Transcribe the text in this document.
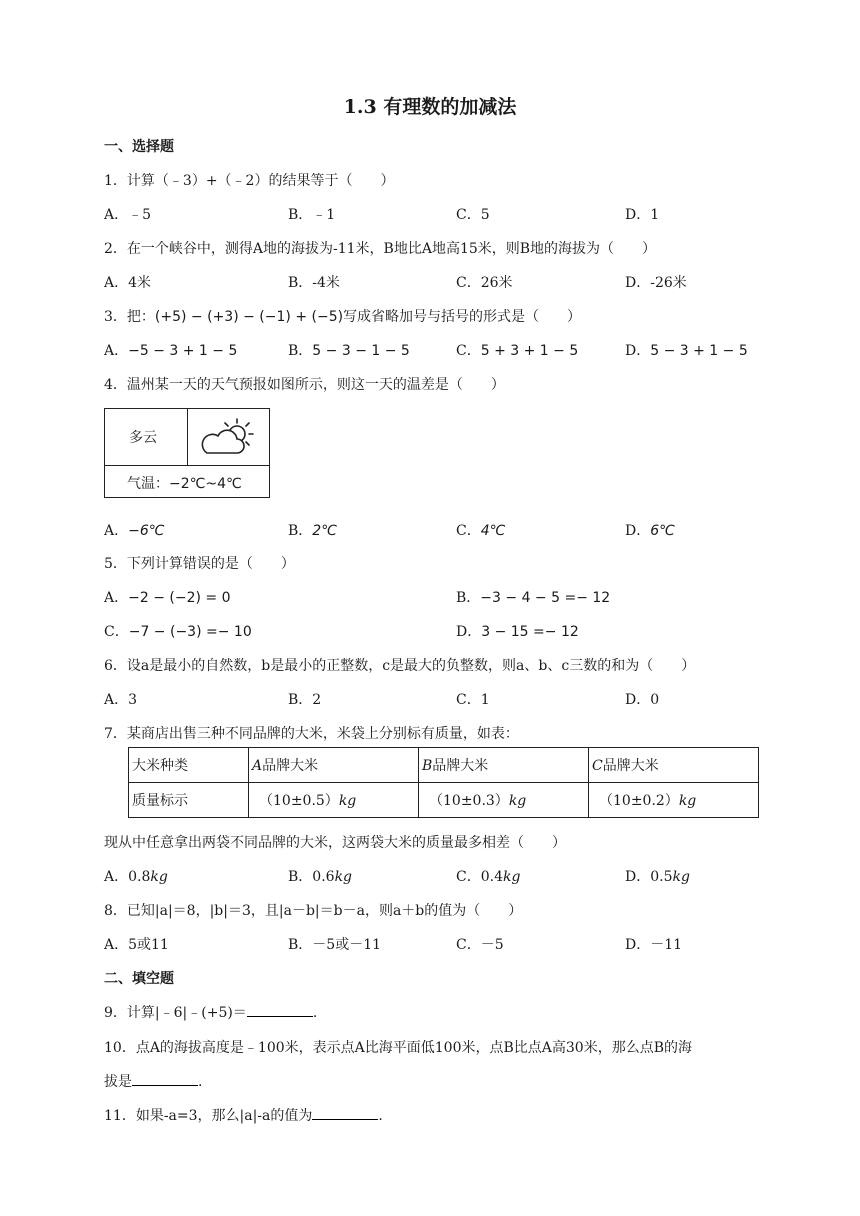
1.3 有理数的加减法
一、选择题
1．计算（﹣3）+（﹣2）的结果等于（　　）
A．﹣5	B．﹣1	C．5	D．1
2．在一个峡谷中，测得A地的海拔为-11米，B地比A地高15米，则B地的海拔为（　　）
A．4米	B．-4米	C．26米	D．-26米
3．把：(+5) − (+3) − (−1) + (−5)写成省略加号与括号的形式是（　　）
A．−5 − 3 + 1 − 5	B．5 − 3 − 1 − 5	C．5 + 3 + 1 − 5	D．5 − 3 + 1 − 5
4．温州某一天的天气预报如图所示，则这一天的温差是（　　）
多云
气温：−2℃~4℃
A．−6℃	B．2℃	C．4℃	D．6℃
5．下列计算错误的是（　　）
A．−2 − (−2) = 0	B．−3 − 4 − 5 =− 12
C．−7 − (−3) =− 10	D．3 − 15 =− 12
6．设a是最小的自然数，b是最小的正整数，c是最大的负整数，则a、b、c三数的和为（　　）
A．3	B．2	C．1	D．0
7．某商店出售三种不同品牌的大米，米袋上分别标有质量，如表：
大米种类	A品牌大米	B品牌大米	C品牌大米
质量标示	（10±0.5）kg	（10±0.3）kg	（10±0.2）kg
现从中任意拿出两袋不同品牌的大米，这两袋大米的质量最多相差（　　）
A．0.8kg	B．0.6kg	C．0.4kg	D．0.5kg
8．已知|a|＝8，|b|＝3，且|a－b|＝b－a，则a＋b的值为（　　）
A．5或11	B．－5或－11	C．－5	D．－11
二、填空题
9．计算|﹣6|﹣(+5)＝	.
10．点A的海拔高度是﹣100米，表示点A比海平面低100米，点B比点A高30米，那么点B的海
拔是	.
11．如果-a=3，那么|a|-a的值为	.
